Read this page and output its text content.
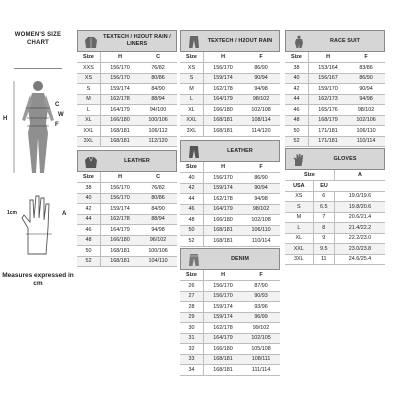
WOMEN'S SIZE CHART
H
C
W
F
1cm	A
Measures expressed in cm
TEXTECH / H2OUT RAIN / LINERS
Size	H	C
XXS	156/170	76/82
XS	156/170	80/86
S	159/174	84/90
M	162/178	88/94
L	164/179	94/100
XL	166/180	100/106
XXL	168/181	106/112
3XL	168/181	112/120
LEATHER
Size	H	C
38	156/170	76/82
40	156/170	80/86
42	159/174	84/90
44	162/178	88/94
46	164/179	94/98
48	166/180	96/102
50	168/181	100/106
52	168/181	104/110
TEXTECH / H2OUT RAIN
Size	H	F
XS	156/170	86/90
S	159/174	90/94
M	162/178	94/98
L	164/179	98/102
XL	166/180	102/108
XXL	168/181	108/114
3XL	168/181	114/120
LEATHER
Size	H	F
40	156/170	86/90
42	159/174	90/94
44	162/178	94/98
46	164/179	98/102
48	166/180	102/108
50	168/181	106/110
52	168/181	110/114
DENIM
Size	H	F
26	156/170	87/90
27	156/170	90/93
28	159/174	93/96
29	159/174	96/99
30	162/178	99/102
31	164/179	102/105
32	166/180	105/108
33	168/181	108/111
34	168/181	111/114
RACE SUIT
Size	H	F
38	153/164	83/86
40	156/167	86/90
42	159/170	90/94
44	162/173	94/98
46	165/176	98/102
48	168/179	102/106
50	171/181	106/110
52	171/181	110/114
GLOVES
Size		A
USA	EU	
XS	6	19.0/19.6
S	6.5	19.8/20.6
M	7	20.6/21.4
L	8	21.4/22.2
XL	9	22.2/23.0
XXL	9.5	23.0/23.8
3XL	11	24.6/25.4
